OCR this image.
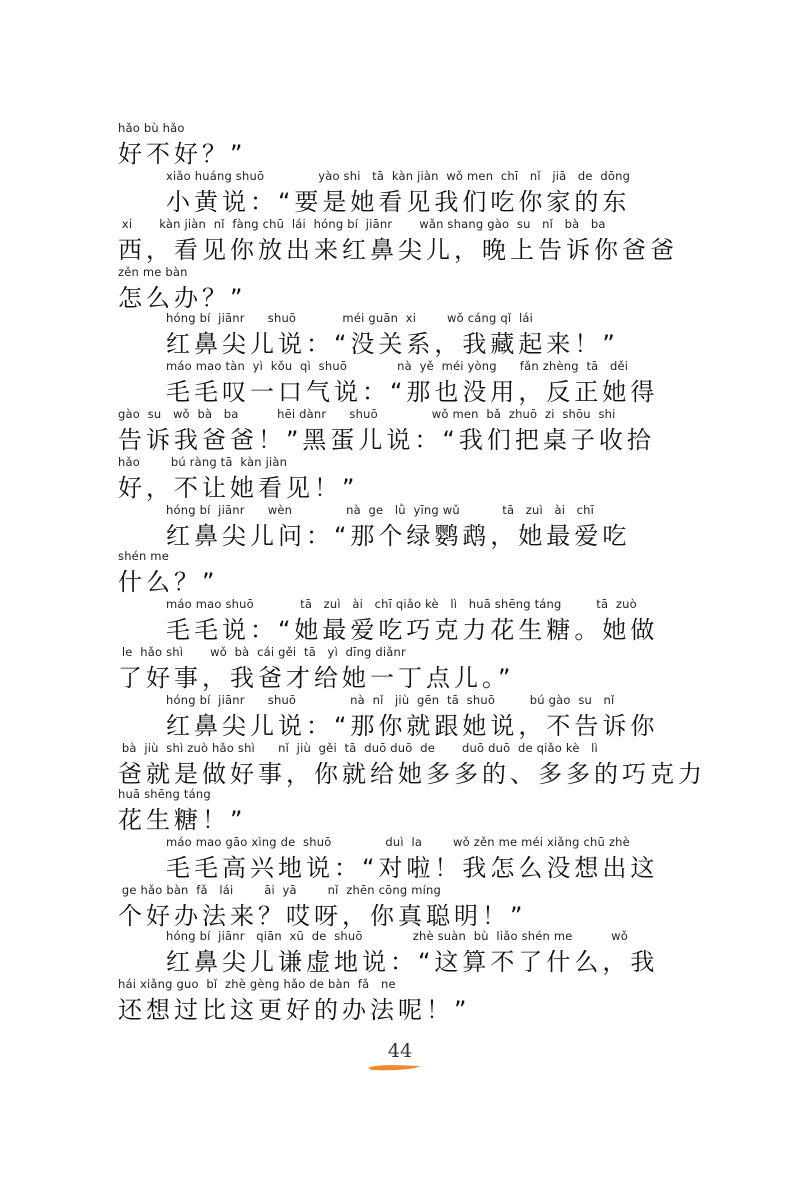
hǎo bù hǎo
好不好？”
xiǎo huáng shuō              yào shi   tā  kàn jiàn  wǒ men  chī   nǐ   jiā   de  dōng
小黄说：“要是她看见我们吃你家的东
xi       kàn jiàn  nǐ  fàng chū  lái  hóng bí  jiānr       wǎn shang gào  su   nǐ   bà   ba
西，看见你放出来红鼻尖儿，晚上告诉你爸爸
zěn me bàn
怎么办？”
hóng bí  jiānr      shuō            méi guān  xi        wǒ cáng qǐ  lái
红鼻尖儿说：“没关系，我藏起来！”
máo mao tàn  yì  kǒu  qì  shuō             nà  yě  méi yòng      fǎn zhèng  tā   děi
毛毛叹一口气说：“那也没用，反正她得
gào  su   wǒ  bà   ba          hēi dànr      shuō              wǒ men  bǎ  zhuō  zi  shōu  shi
告诉我爸爸！”黑蛋儿说：“我们把桌子收拾
hǎo        bú ràng tā  kàn jiàn
好，不让她看见！”
hóng bí  jiānr      wèn              nà  ge   lǜ  yīng wǔ           tā   zuì   ài   chī
红鼻尖儿问：“那个绿鹦鹉，她最爱吃
shén me
什么？”
máo mao shuō            tā   zuì   ài   chī qiǎo kè   lì   huā shēng táng         tā  zuò
毛毛说：“她最爱吃巧克力花生糖。她做
le  hǎo shì       wǒ  bà  cái gěi  tā   yì  dīng diǎnr
了好事，我爸才给她一丁点儿。”
hóng bí  jiānr      shuō              nà  nǐ   jiù  gēn  tā  shuō         bú gào  su   nǐ
红鼻尖儿说：“那你就跟她说，不告诉你
bà  jiù  shì zuò hǎo shì      nǐ  jiù  gěi  tā  duō duō  de       duō duō  de qiǎo kè   lì
爸就是做好事，你就给她多多的、多多的巧克力
huā shēng táng
花生糖！”
máo mao gāo xìng de  shuō              duì  la        wǒ zěn me méi xiǎng chū zhè
毛毛高兴地说：“对啦！我怎么没想出这
ge hǎo bàn  fǎ   lái        āi  yā        nǐ  zhēn cōng míng
个好办法来？哎呀，你真聪明！”
hóng bí  jiānr   qiān  xū  de  shuō             zhè suàn  bù  liǎo shén me          wǒ
红鼻尖儿谦虚地说：“这算不了什么，我
hái xiǎng guo  bǐ  zhè gèng hǎo de bàn  fǎ   ne
还想过比这更好的办法呢！”
44
